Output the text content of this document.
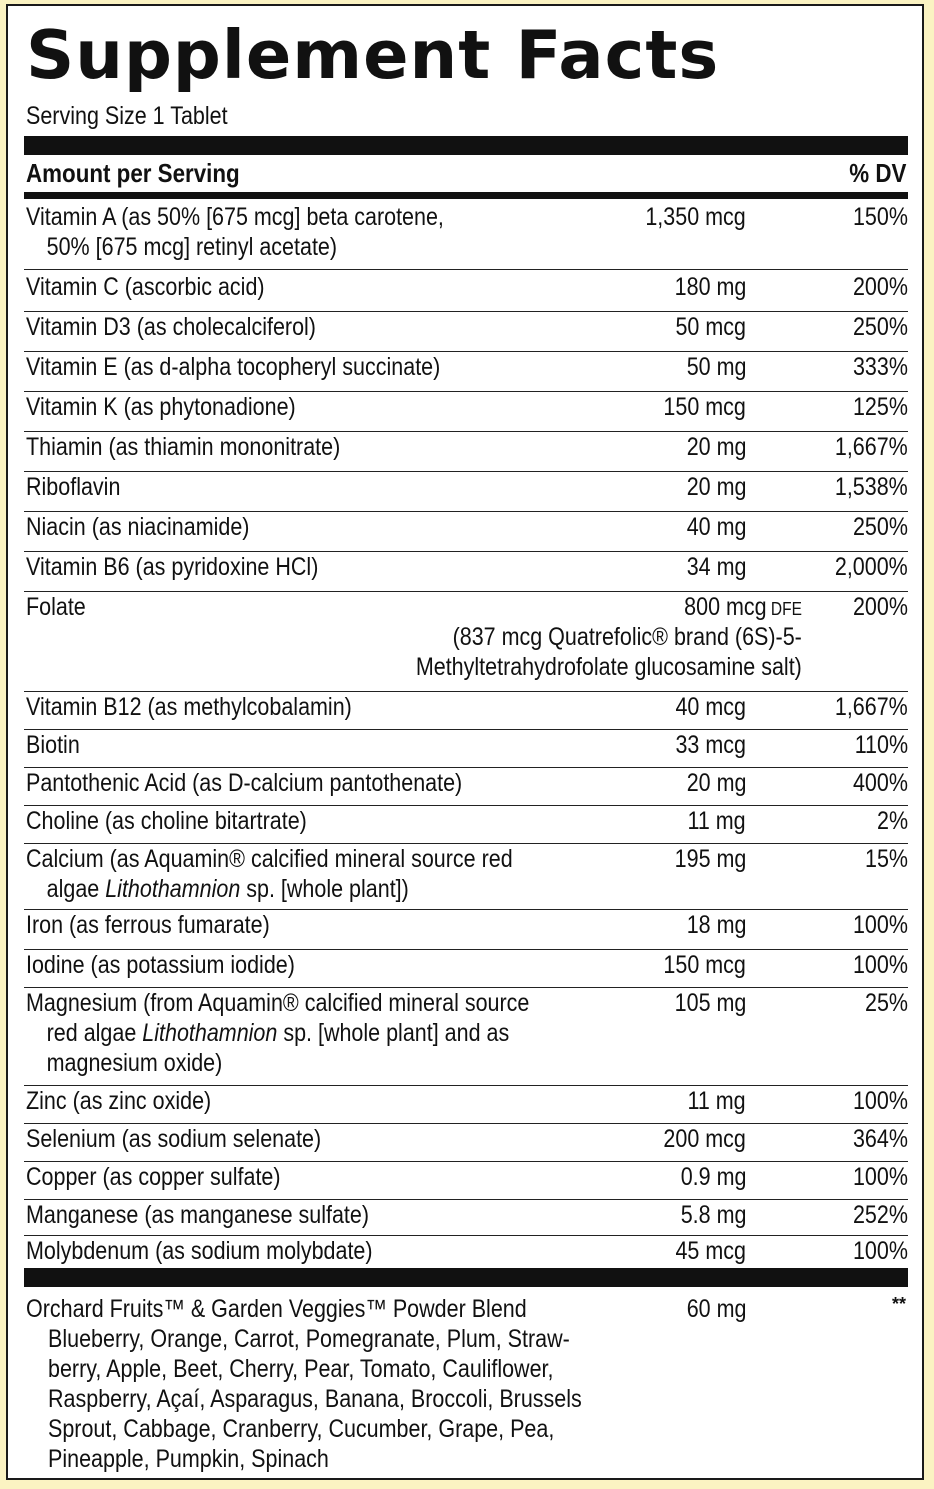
Supplement Facts
Serving Size 1 Tablet
Amount per Serving	% DV
Vitamin A (as 50% [675 mcg] beta carotene,
50% [675 mcg] retinyl acetate)
1,350 mcg	150%
Vitamin C (ascorbic acid)	180 mg	200%
Vitamin D3 (as cholecalciferol)	50 mcg	250%
Vitamin E (as d-alpha tocopheryl succinate)	50 mg	333%
Vitamin K (as phytonadione)	150 mcg	125%
Thiamin (as thiamin mononitrate)	20 mg	1,667%
Riboflavin	20 mg	1,538%
Niacin (as niacinamide)	40 mg	250%
Vitamin B6 (as pyridoxine HCl)	34 mg	2,000%
Folate	800 mcg DFE 200%
(837 mcg Quatrefolic® brand (6S)-5-
Methyltetrahydrofolate glucosamine salt)
Vitamin B12 (as methylcobalamin)	40 mcg	1,667%
Biotin	33 mcg	110%
Pantothenic Acid (as D-calcium pantothenate)	20 mg	400%
Choline (as choline bitartrate)	11 mg	2%
Calcium (as Aquamin® calcified mineral source red
algae Lithothamnion sp. [whole plant])
195 mg	15%
Iron (as ferrous fumarate)	18 mg	100%
Iodine (as potassium iodide)	150 mcg	100%
Magnesium (from Aquamin® calcified mineral source
red algae Lithothamnion sp. [whole plant] and as
magnesium oxide)
105 mg	25%
Zinc (as zinc oxide)	11 mg	100%
Selenium (as sodium selenate)	200 mcg	364%
Copper (as copper sulfate)	0.9 mg	100%
Manganese (as manganese sulfate)	5.8 mg	252%
Molybdenum (as sodium molybdate)	45 mcg	100%
Orchard Fruits™ & Garden Veggies™ Powder Blend	60 mg	**
Blueberry, Orange, Carrot, Pomegranate, Plum, Straw-
berry, Apple, Beet, Cherry, Pear, Tomato, Cauliflower,
Raspberry, Açaí, Asparagus, Banana, Broccoli, Brussels
Sprout, Cabbage, Cranberry, Cucumber, Grape, Pea,
Pineapple, Pumpkin, Spinach
